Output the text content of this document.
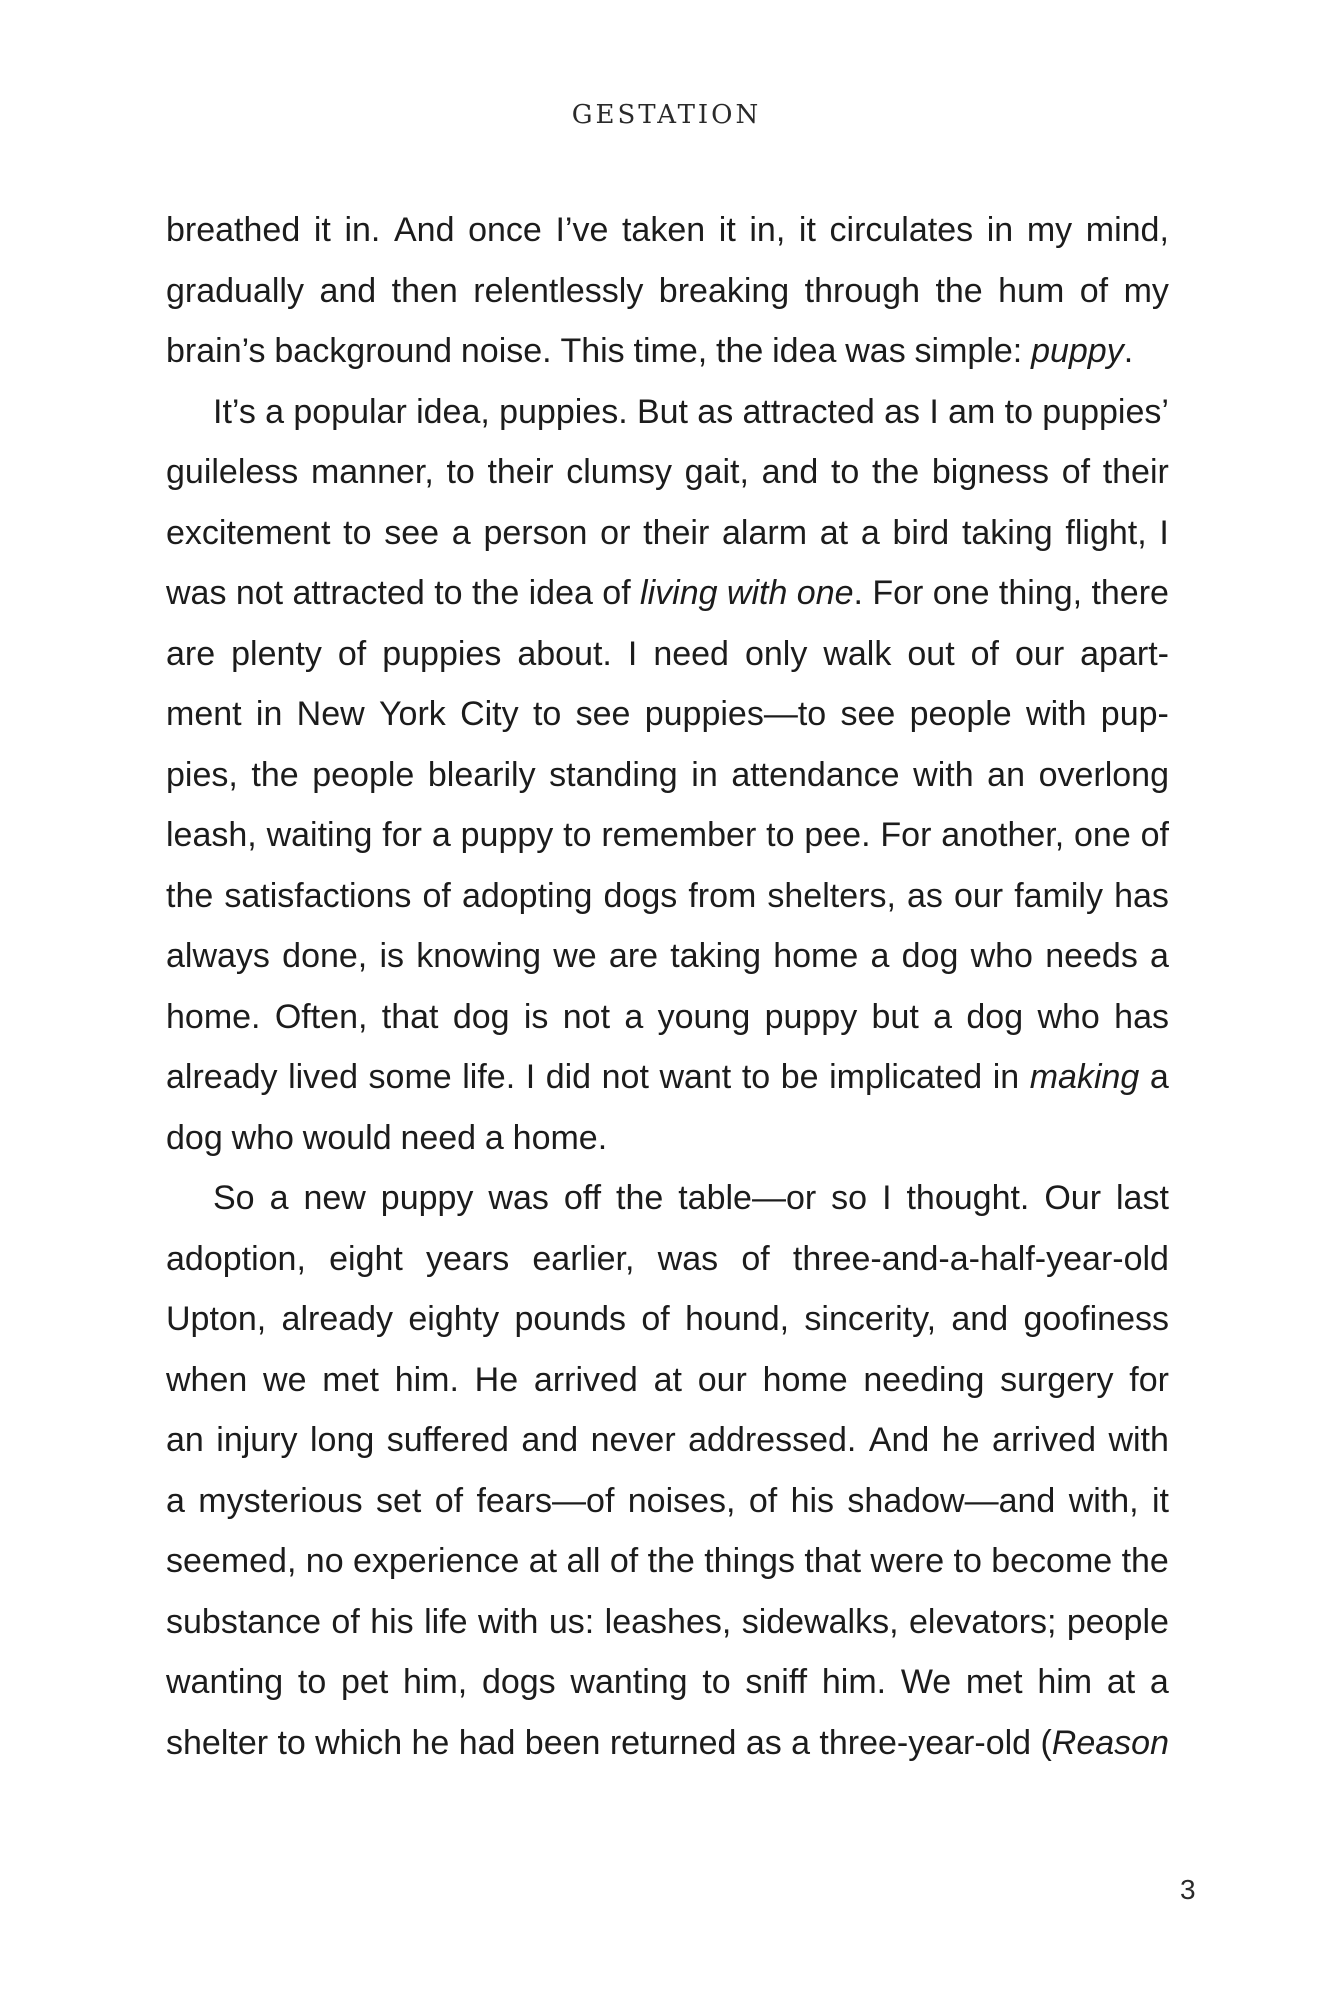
GESTATION
breathed it in. And once I’ve taken it in, it circulates in my mind,
gradually and then relentlessly breaking through the hum of my
brain’s background noise. This time, the idea was simple: puppy.
It’s a popular idea, puppies. But as attracted as I am to puppies’
guileless manner, to their clumsy gait, and to the bigness of their
excitement to see a person or their alarm at a bird taking flight, I
was not attracted to the idea of living with one. For one thing, there
are plenty of puppies about. I need only walk out of our apart-
ment in New York City to see puppies—to see people with pup-
pies, the people blearily standing in attendance with an overlong
leash, waiting for a puppy to remember to pee. For another, one of
the satisfactions of adopting dogs from shelters, as our family has
always done, is knowing we are taking home a dog who needs a
home. Often, that dog is not a young puppy but a dog who has
already lived some life. I did not want to be implicated in making a
dog who would need a home.
So a new puppy was off the table—or so I thought. Our last
adoption, eight years earlier, was of three-and-a-half-year-old
Upton, already eighty pounds of hound, sincerity, and goofiness
when we met him. He arrived at our home needing surgery for
an injury long suffered and never addressed. And he arrived with
a mysterious set of fears—of noises, of his shadow—and with, it
seemed, no experience at all of the things that were to become the
substance of his life with us: leashes, sidewalks, elevators; people
wanting to pet him, dogs wanting to sniff him. We met him at a
shelter to which he had been returned as a three-year-old (Reason
3
